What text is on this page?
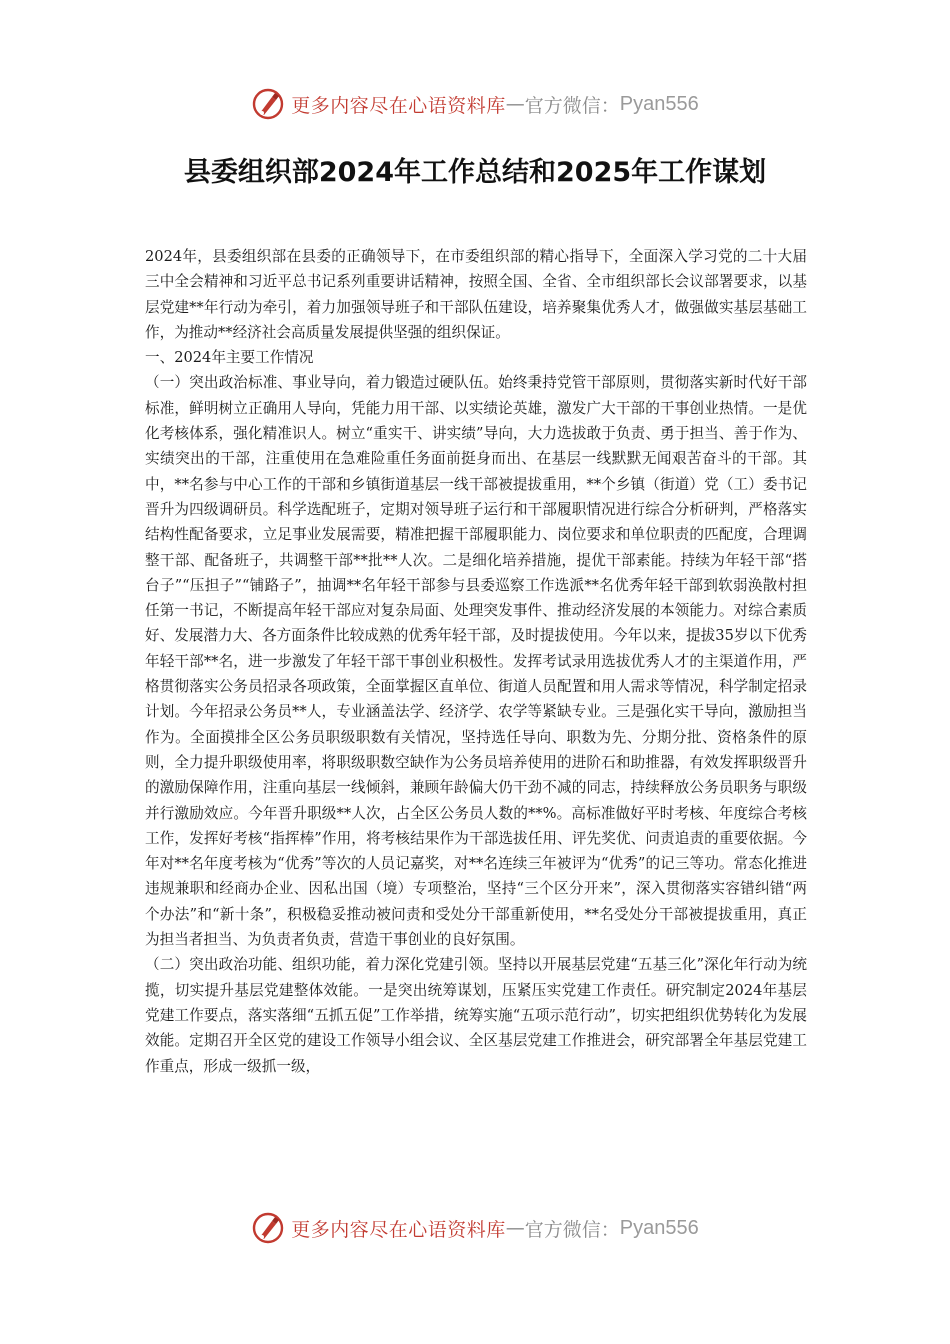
更多内容尽在心语资料库 — 官方微信： Pyan556
县委组织部2024年工作总结和2025年工作谋划

2024年，县委组织部在县委的正确领导下，在市委组织部的精心指导下，全面深入学习党的二十大届三中全会精神和习近平总书记系列重要讲话精神，按照全国、全省、全市组织部长会议部署要求，以基层党建**年行动为牵引，着力加强领导班子和干部队伍建设，培养聚集优秀人才，做强做实基层基础工作，为推动**经济社会高质量发展提供坚强的组织保证。

一、2024年主要工作情况

（一）突出政治标准、事业导向，着力锻造过硬队伍。始终秉持党管干部原则，贯彻落实新时代好干部标准，鲜明树立正确用人导向，凭能力用干部、以实绩论英雄，激发广大干部的干事创业热情。一是优化考核体系，强化精准识人。树立“重实干、讲实绩”导向，大力选拔敢于负责、勇于担当、善于作为、实绩突出的干部，注重使用在急难险重任务面前挺身而出、在基层一线默默无闻艰苦奋斗的干部。其中，**名参与中心工作的干部和乡镇街道基层一线干部被提拔重用，**个乡镇（街道）党（工）委书记晋升为四级调研员。科学选配班子，定期对领导班子运行和干部履职情况进行综合分析研判，严格落实结构性配备要求，立足事业发展需要，精准把握干部履职能力、岗位要求和单位职责的匹配度，合理调整干部、配备班子，共调整干部**批**人次。二是细化培养措施，提优干部素能。持续为年轻干部“搭台子”“压担子”“铺路子”，抽调**名年轻干部参与县委巡察工作选派**名优秀年轻干部到软弱涣散村担任第一书记，不断提高年轻干部应对复杂局面、处理突发事件、推动经济发展的本领能力。对综合素质好、发展潜力大、各方面条件比较成熟的优秀年轻干部，及时提拔使用。今年以来，提拔35岁以下优秀年轻干部**名，进一步激发了年轻干部干事创业积极性。发挥考试录用选拔优秀人才的主渠道作用，严格贯彻落实公务员招录各项政策，全面掌握区直单位、街道人员配置和用人需求等情况，科学制定招录计划。今年招录公务员**人，专业涵盖法学、经济学、农学等紧缺专业。三是强化实干导向，激励担当作为。全面摸排全区公务员职级职数有关情况，坚持选任导向、职数为先、分期分批、资格条件的原则，全力提升职级使用率，将职级职数空缺作为公务员培养使用的进阶石和助推器，有效发挥职级晋升的激励保障作用，注重向基层一线倾斜，兼顾年龄偏大仍干劲不减的同志，持续释放公务员职务与职级并行激励效应。今年晋升职级**人次，占全区公务员人数的**%。高标准做好平时考核、年度综合考核工作，发挥好考核“指挥棒”作用，将考核结果作为干部选拔任用、评先奖优、问责追责的重要依据。今年对**名年度考核为“优秀”等次的人员记嘉奖，对**名连续三年被评为“优秀”的记三等功。常态化推进违规兼职和经商办企业、因私出国（境）专项整治，坚持“三个区分开来”，深入贯彻落实容错纠错“两个办法”和“新十条”，积极稳妥推动被问责和受处分干部重新使用，**名受处分干部被提拔重用，真正为担当者担当、为负责者负责，营造干事创业的良好氛围。

（二）突出政治功能、组织功能，着力深化党建引领。坚持以开展基层党建“五基三化”深化年行动为统揽，切实提升基层党建整体效能。一是突出统筹谋划，压紧压实党建工作责任。研究制定2024年基层党建工作要点，落实落细“五抓五促”工作举措，统筹实施“五项示范行动”，切实把组织优势转化为发展效能。定期召开全区党的建设工作领导小组会议、全区基层党建工作推进会，研究部署全年基层党建工作重点，形成一级抓一级，

更多内容尽在心语资料库 — 官方微信： Pyan556
